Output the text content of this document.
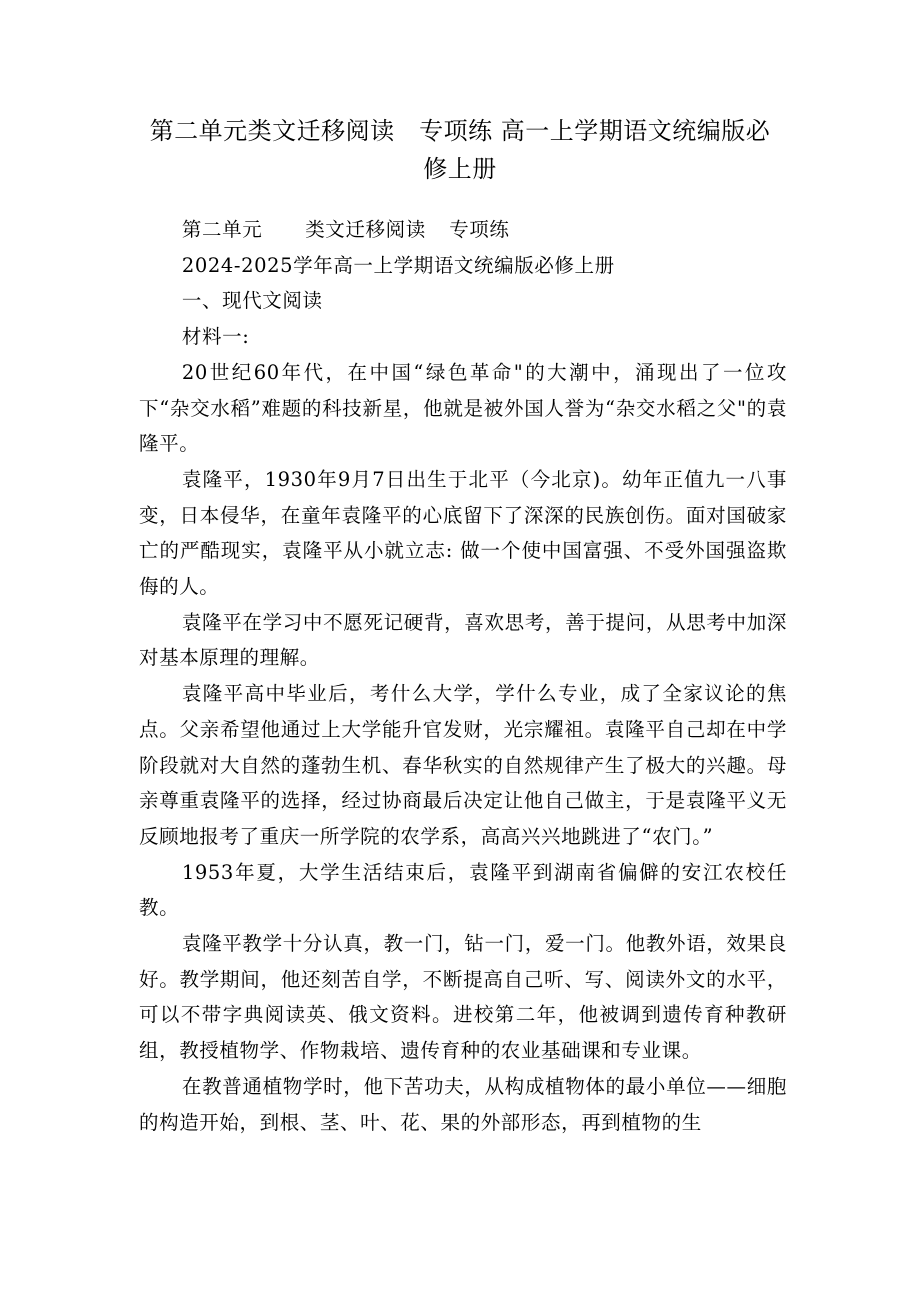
第二单元类文迁移阅读　专项练 高一上学期语文统编版必修上册

第二单元 类文迁移阅读 专项练

2024-2025学年高一上学期语文统编版必修上册

一、现代文阅读

材料一:

20世纪60年代，在中国“绿色革命"的大潮中，涌现出了一位攻下“杂交水稻”难题的科技新星，他就是被外国人誉为“杂交水稻之父"的袁隆平。

袁隆平，1930年9月7日出生于北平（今北京)。幼年正值九一八事变，日本侵华，在童年袁隆平的心底留下了深深的民族创伤。面对国破家亡的严酷现实，袁隆平从小就立志: 做一个使中国富强、不受外国强盗欺侮的人。

袁隆平在学习中不愿死记硬背，喜欢思考，善于提问，从思考中加深对基本原理的理解。

袁隆平高中毕业后，考什么大学，学什么专业，成了全家议论的焦点。父亲希望他通过上大学能升官发财，光宗耀祖。袁隆平自己却在中学阶段就对大自然的蓬勃生机、春华秋实的自然规律产生了极大的兴趣。母亲尊重袁隆平的选择，经过协商最后决定让他自己做主，于是袁隆平义无反顾地报考了重庆一所学院的农学系，高高兴兴地跳进了“农门。”

1953年夏，大学生活结束后，袁隆平到湖南省偏僻的安江农校任教。

袁隆平教学十分认真，教一门，钻一门，爱一门。他教外语，效果良好。教学期间，他还刻苦自学，不断提高自己听、写、阅读外文的水平，可以不带字典阅读英、俄文资料。进校第二年，他被调到遗传育种教研组，教授植物学、作物栽培、遗传育种的农业基础课和专业课。

在教普通植物学时，他下苦功夫，从构成植物体的最小单位——细胞的构造开始，到根、茎、叶、花、果的外部形态，再到植物的生
